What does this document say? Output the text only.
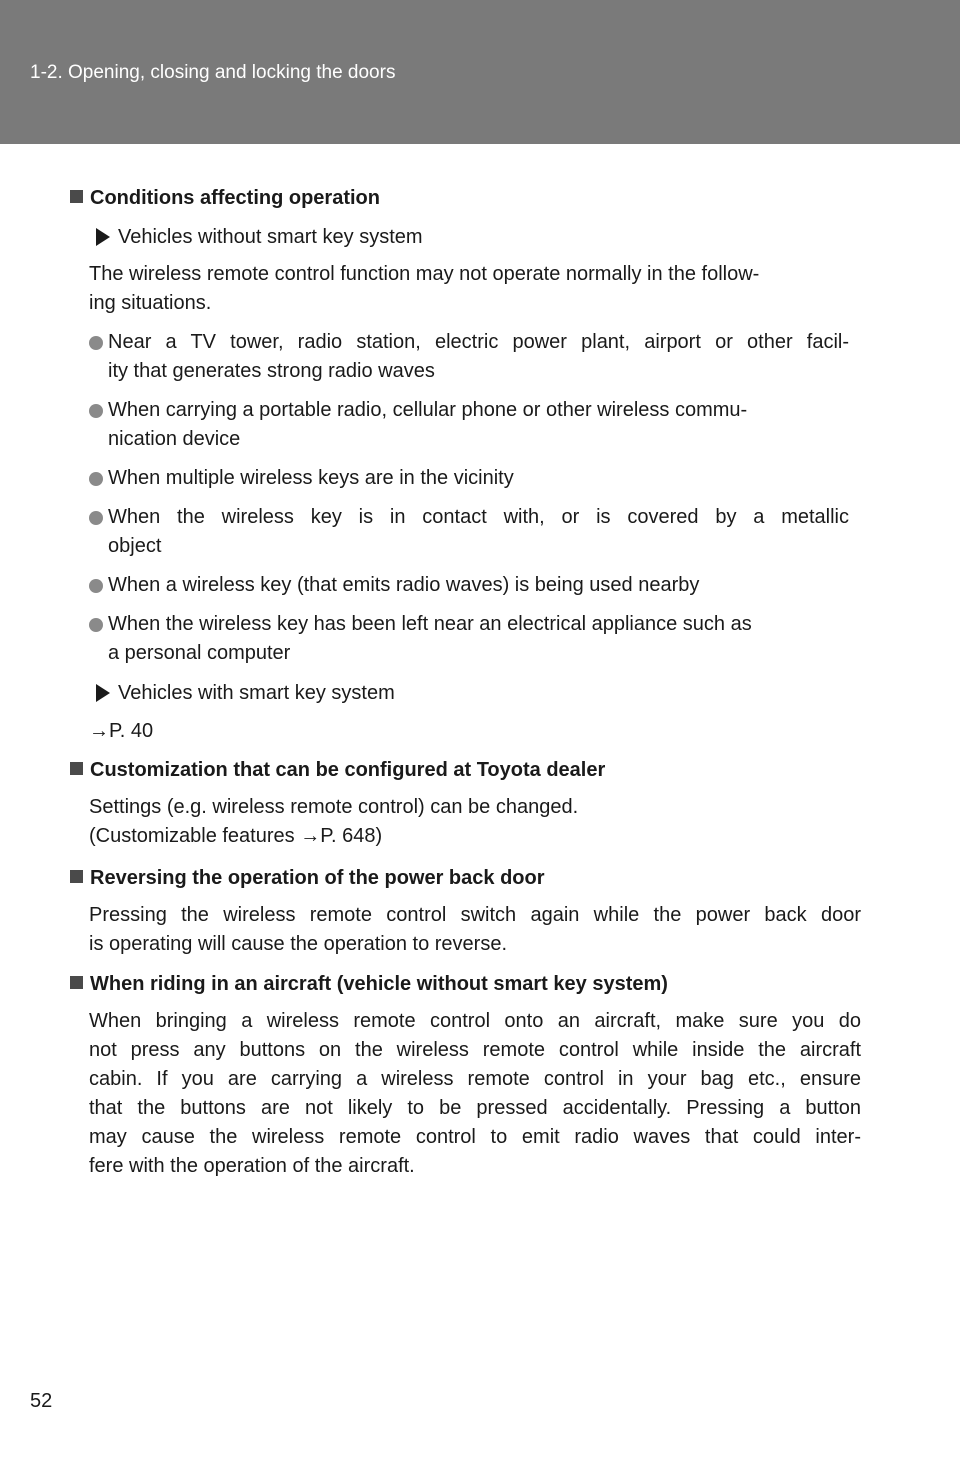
1-2. Opening, closing and locking the doors
Conditions affecting operation
Vehicles without smart key system
The wireless remote control function may not operate normally in the follow-
ing situations.
Near a TV tower, radio station, electric power plant, airport or other facil-
ity that generates strong radio waves
When carrying a portable radio, cellular phone or other wireless commu-
nication device
When multiple wireless keys are in the vicinity
When the wireless key is in contact with, or is covered by a metallic
object
When a wireless key (that emits radio waves) is being used nearby
When the wireless key has been left near an electrical appliance such as
a personal computer
Vehicles with smart key system
→P. 40
Customization that can be configured at Toyota dealer
Settings (e.g. wireless remote control) can be changed.
(Customizable features →P. 648)
Reversing the operation of the power back door
Pressing the wireless remote control switch again while the power back door
is operating will cause the operation to reverse.
When riding in an aircraft (vehicle without smart key system)
When bringing a wireless remote control onto an aircraft, make sure you do
not press any buttons on the wireless remote control while inside the aircraft
cabin. If you are carrying a wireless remote control in your bag etc., ensure
that the buttons are not likely to be pressed accidentally. Pressing a button
may cause the wireless remote control to emit radio waves that could inter-
fere with the operation of the aircraft.
52
